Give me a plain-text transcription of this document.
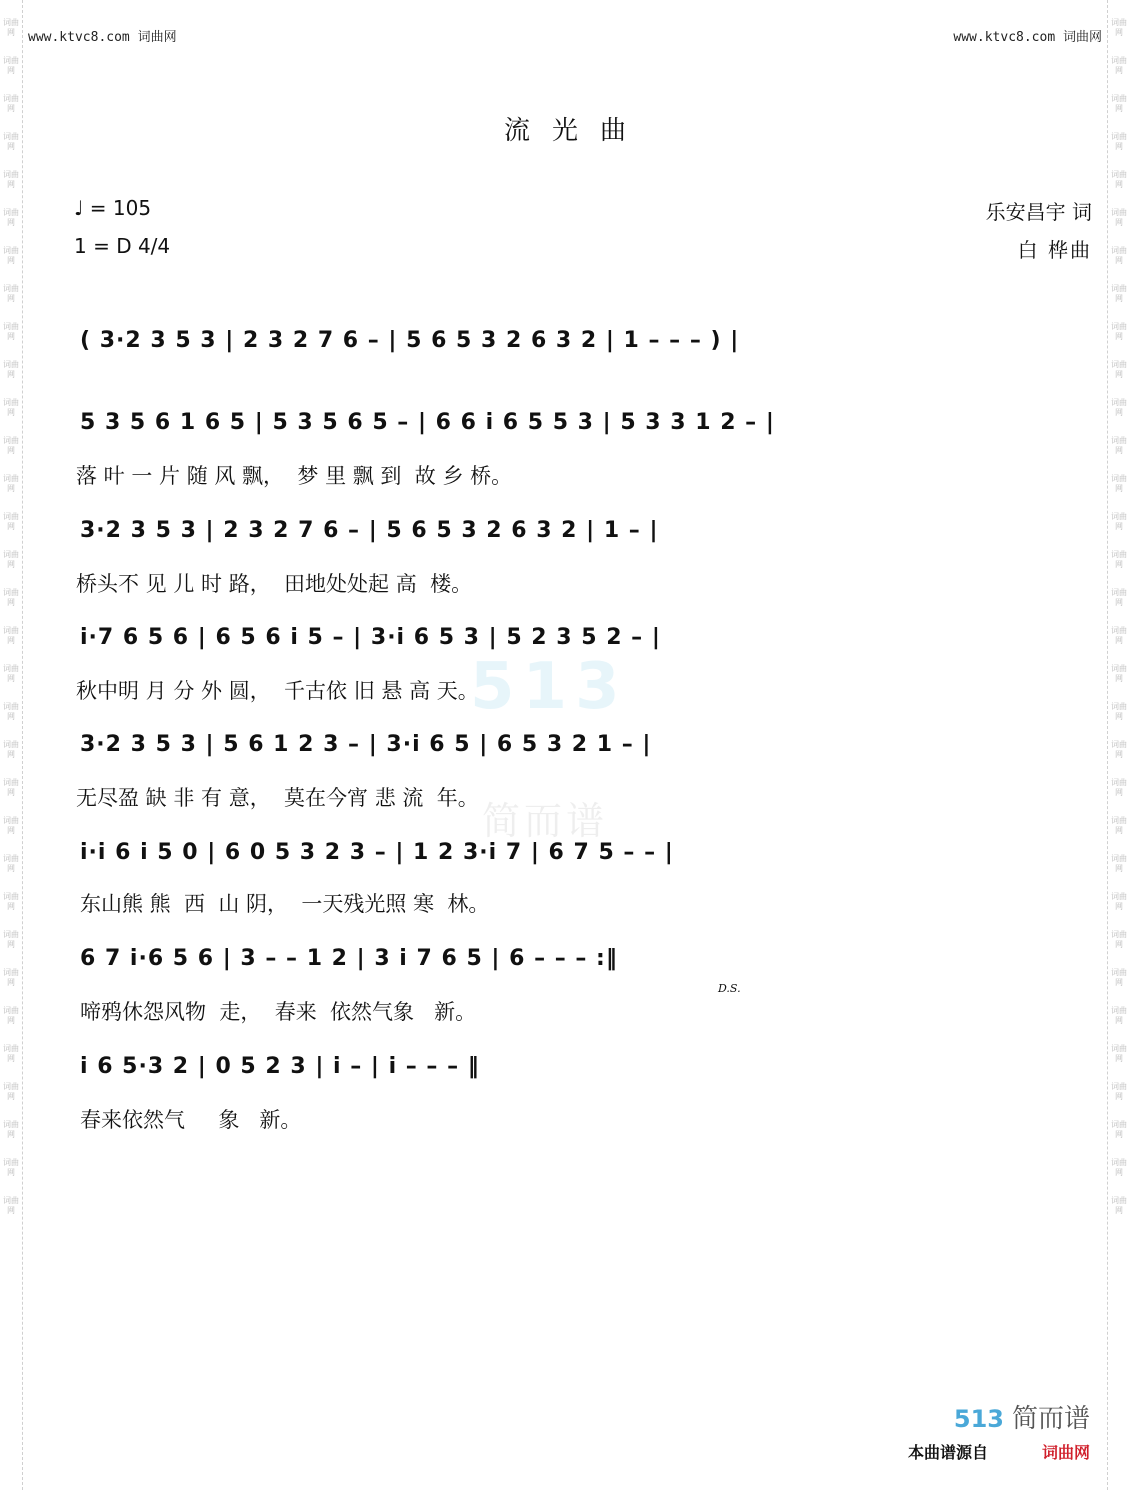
词曲网
词曲网
词曲网
词曲网
词曲网
词曲网
词曲网
词曲网
词曲网
词曲网
词曲网
词曲网
词曲网
词曲网
词曲网
词曲网
词曲网
词曲网
词曲网
词曲网
词曲网
词曲网
词曲网
词曲网
词曲网
词曲网
词曲网
词曲网
词曲网
词曲网
词曲网
词曲网
词曲网
词曲网
词曲网
词曲网
词曲网
词曲网
词曲网
词曲网
词曲网
词曲网
词曲网
词曲网
词曲网
词曲网
词曲网
词曲网
词曲网
词曲网
词曲网
词曲网
词曲网
词曲网
词曲网
词曲网
词曲网
词曲网
词曲网
词曲网
词曲网
词曲网
词曲网
词曲网
www.ktvc8.com 词曲网	www.ktvc8.com 词曲网
流光曲
♩ = 105
1 = D 4/4
乐安昌宇 词
白 桦曲
513
简而谱
( 3·2 3 5 3 | 2 3 2 7 6 – | 5 6 5 3 2 6 3 2 | 1 – – – ) |
5 3 5 6 1 6 5 | 5 3 5 6 5 – | 6 6 i 6 5 5 3 | 5 3 3 1 2 – |
落 叶 一 片 随 风 飘，  梦 里 飘 到  故 乡 桥。
3·2 3 5 3 | 2 3 2 7 6 – | 5 6 5 3 2 6 3 2 | 1 – |
桥头不 见 儿 时 路，  田地处处起 高  楼。
i·7 6 5 6 | 6 5 6 i 5 – | 3·i 6 5 3 | 5 2 3 5 2 – |
秋中明 月 分 外 圆，  千古依 旧 悬 高 天。
3·2 3 5 3 | 5 6 1 2 3 – | 3·i 6 5 | 6 5 3 2 1 – |
无尽盈 缺 非 有 意，  莫在今宵 悲 流  年。
i·i 6 i 5 0 | 6 0 5 3 2 3 – | 1 2 3·i 7 | 6 7 5 – – |
东山熊 熊  西  山 阴，  一天残光照 寒  林。
6 7 i·6 5 6 | 3 – – 1 2 | 3 i 7 6 5 | 6 – – – :‖
D.S.
啼鸦休怨风物  走，  春来  依然气象   新。
i 6 5·3 2 | 0 5 2 3 | i – | i – – – ‖
春来依然气     象   新。
513 简而谱
本曲谱源自	词曲网
